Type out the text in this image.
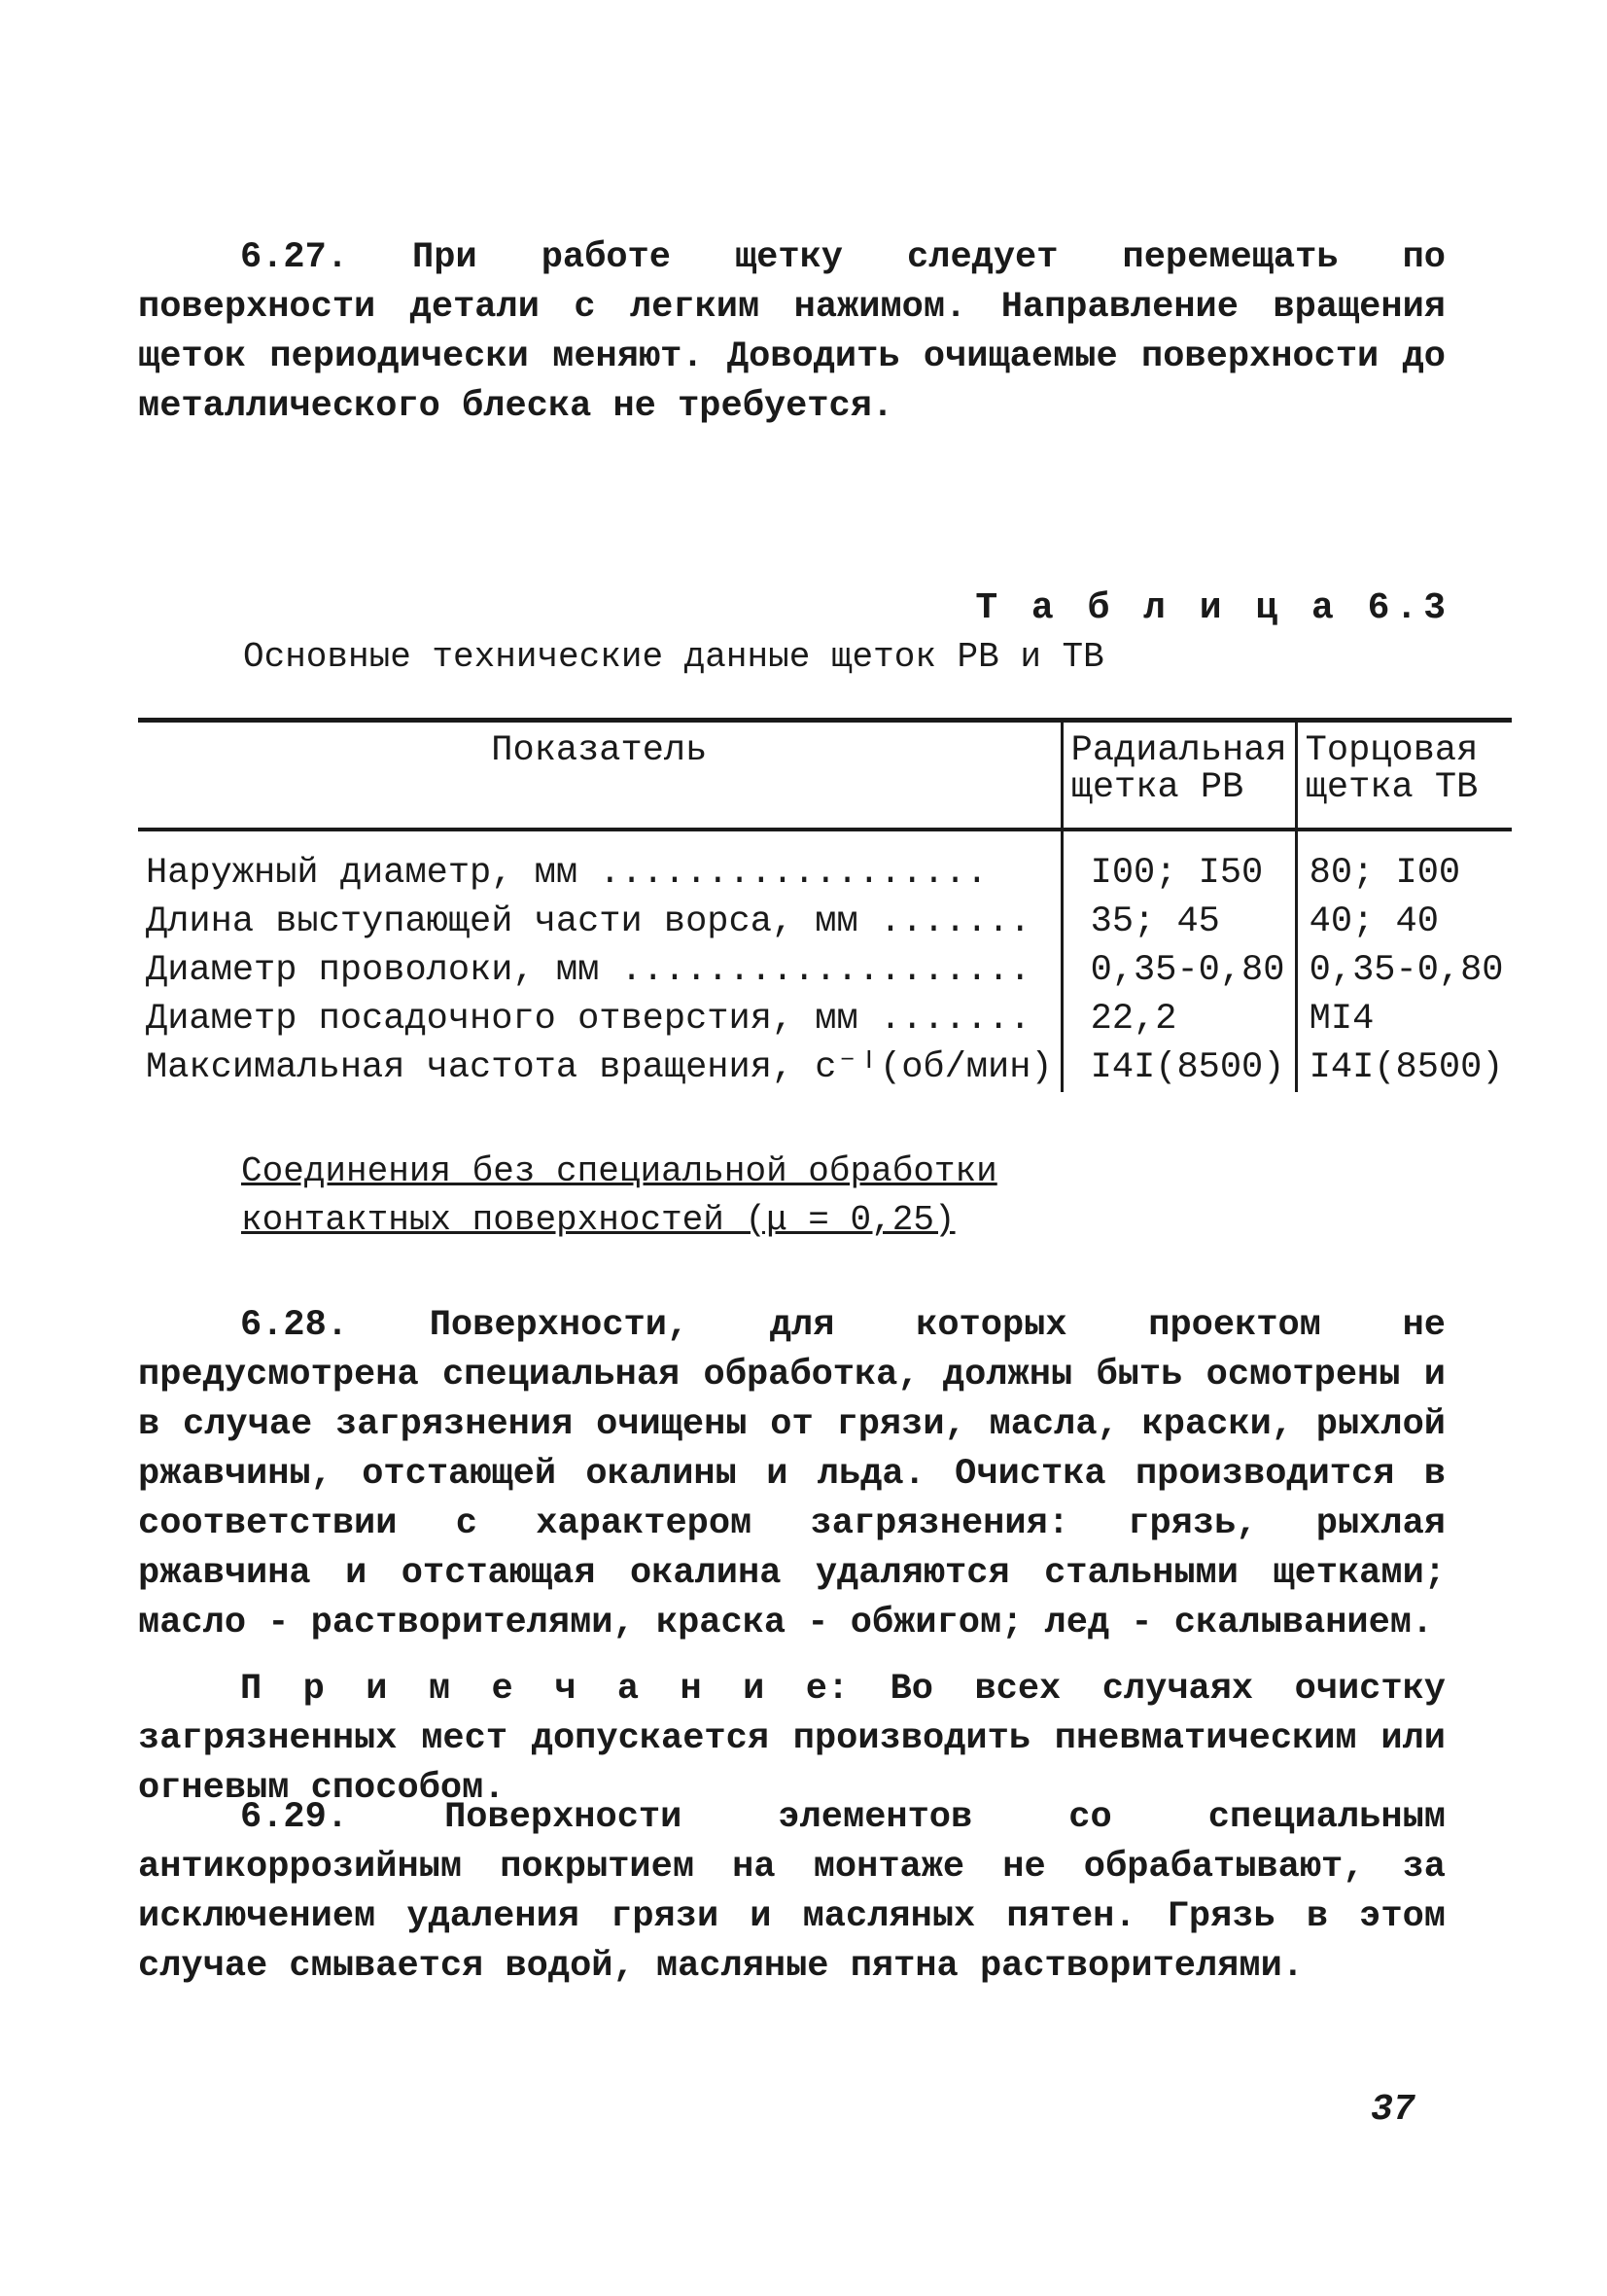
6.27. При работе щетку следует перемещать по поверхности детали с легким нажимом. Направление вращения щеток периодически меняют. Доводить очищаемые поверхности до металлического блеска не требуется.

Т а б л и ц а 6.3
Основные технические данные щеток РВ и ТВ
Показатель	Радиальная щетка РВ	Торцовая щетка ТВ
Наружный диаметр, мм ..................	I00; I50	80; I00
Длина выступающей части ворса, мм .......	35; 45	40; 40
Диаметр проволоки, мм ...................	0,35-0,80	0,35-0,80
Диаметр посадочного отверстия, мм .......	22,2	MI4
Максимальная частота вращения, с⁻ᴵ(об/мин)	I4I(8500)	I4I(8500)

Соединения без специальной обработки контактных поверхностей (μ = 0,25)

6.28. Поверхности, для которых проектом не предусмотрена специальная обработка, должны быть осмотрены и в случае загрязнения очищены от грязи, масла, краски, рыхлой ржавчины, отстающей окалины и льда. Очистка производится в соответствии с характером загрязнения: грязь, рыхлая ржавчина и отстающая окалина удаляются стальными щетками; масло - растворителями, краска - обжигом; лед - скалыванием.

П р и м е ч а н и е: Во всех случаях очистку загрязненных мест допускается производить пневматическим или огневым способом.

6.29. Поверхности элементов со специальным антикоррозийным покрытием на монтаже не обрабатывают, за исключением удаления грязи и масляных пятен. Грязь в этом случае смывается водой, масляные пятна растворителями.

37
